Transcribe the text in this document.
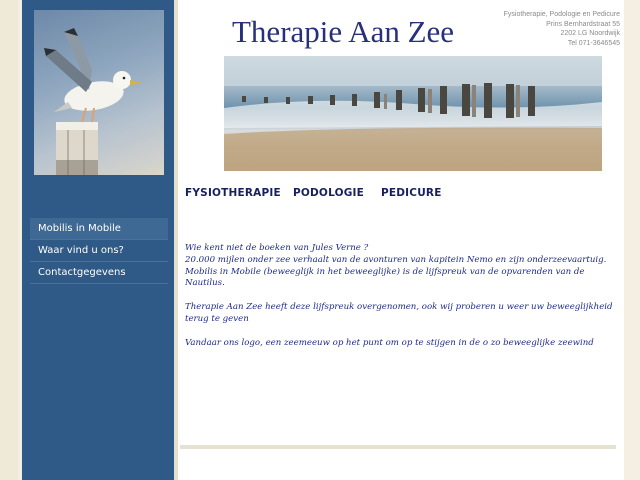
Mobilis in Mobile
Waar vind u ons?
Contactgegevens
Therapie Aan Zee	Fysiotherapie, Podologie en Pedicure
Prins Bernhardstraat 55
2202 LG Noordwijk
Tel 071-3646545
FYSIOTHERAPIE PODOLOGIE PEDICURE

Wie kent niet de boeken van Jules Verne ?

20.000 mijlen onder zee verhaalt van de avonturen van kapitein Nemo en zijn onderzeevaartuig.

Mobilis in Mobile (beweeglijk in het beweeglijke) is de lijfspreuk van de opvarenden van de Nautilus.

Therapie Aan Zee heeft deze lijfspreuk overgenomen, ook wij proberen u weer uw beweeglijkheid terug te geven

Vandaar ons logo, een zeemeeuw op het punt om op te stijgen in de o zo beweeglijke zeewind
